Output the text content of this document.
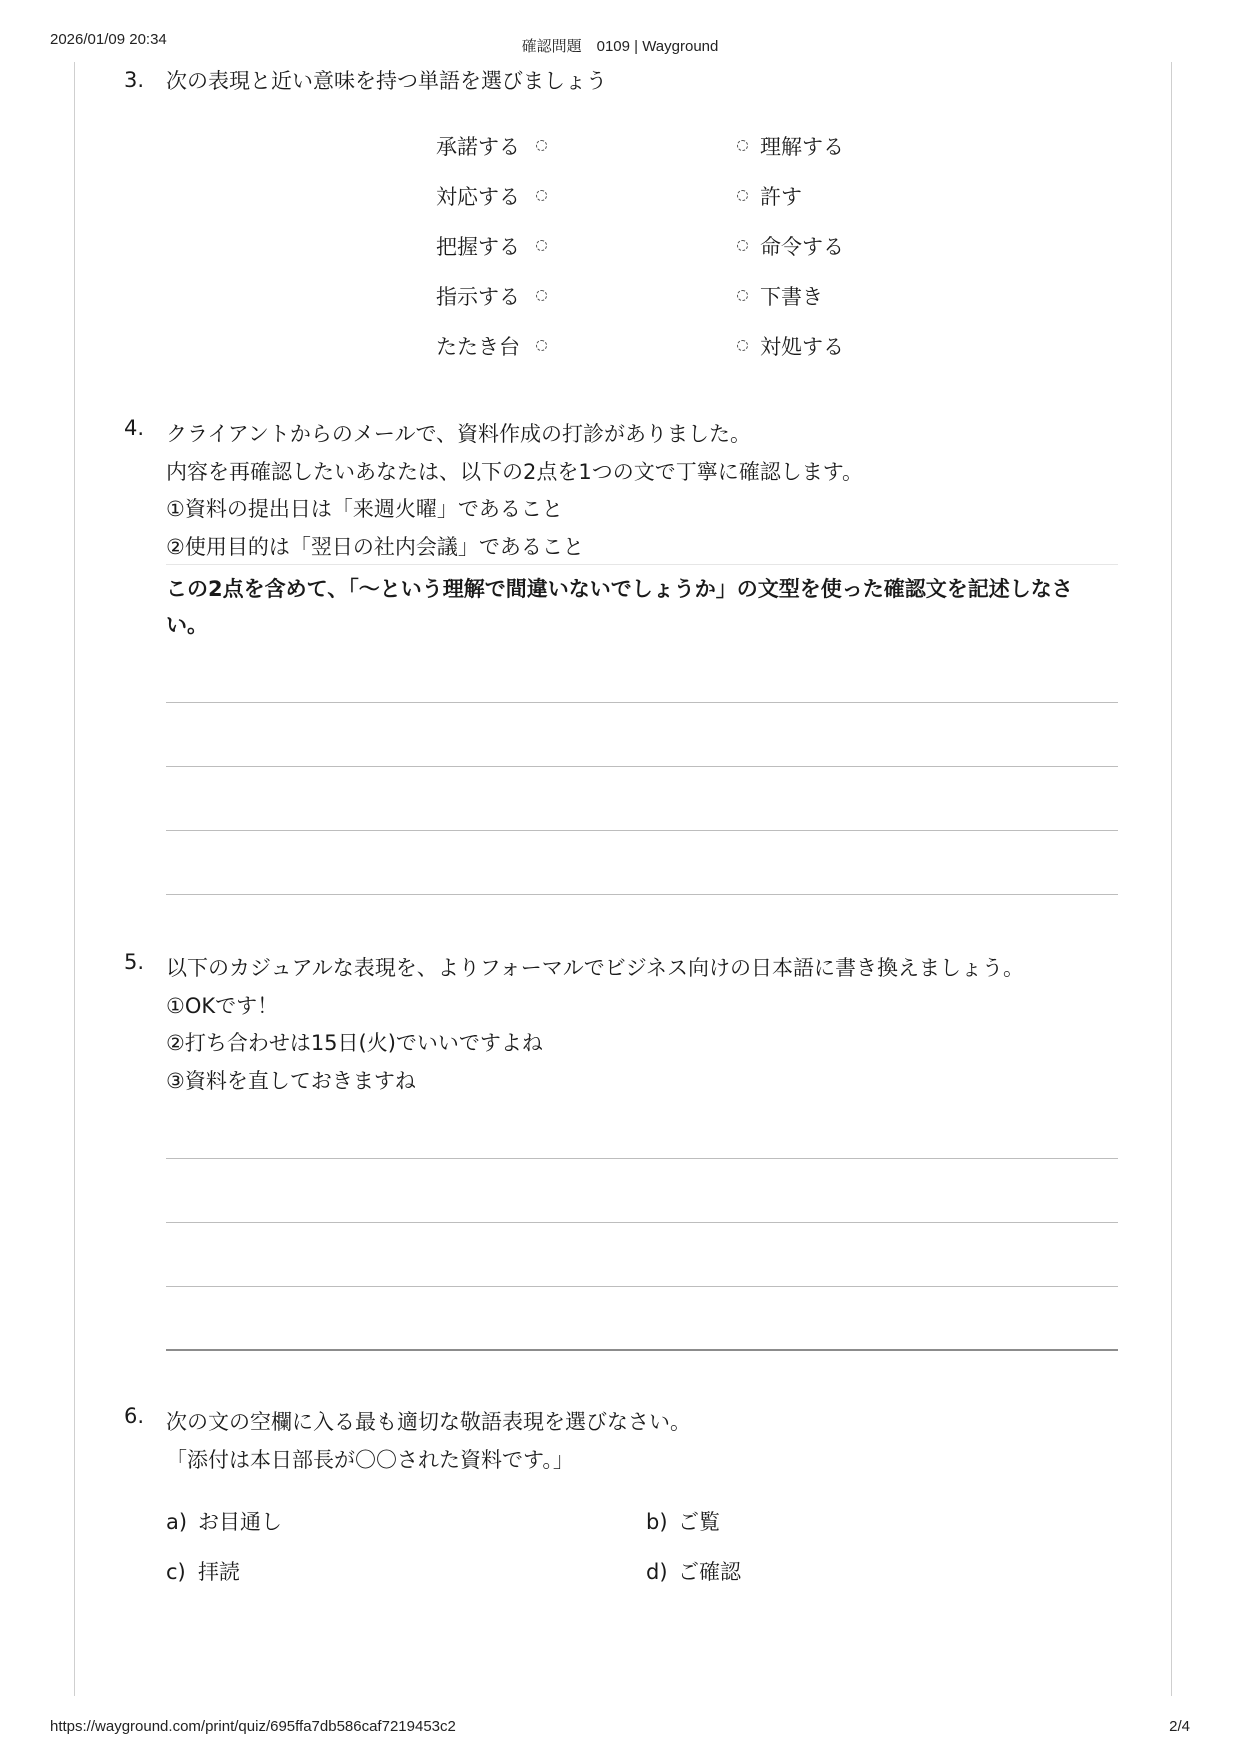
2026/01/09 20:34	確認問題　0109 | Wayground
3. 次の表現と近い意味を持つ単語を選びましょう
承諾する	理解する
対応する	許す
把握する	命令する
指示する	下書き
たたき台	対処する
4. クライアントからのメールで、資料作成の打診がありました。
内容を再確認したいあなたは、以下の2点を1つの文で丁寧に確認します。
①資料の提出日は「来週火曜」であること
②使用目的は「翌日の社内会議」であること
この2点を含めて、「〜という理解で間違いないでしょうか」の文型を使った確認文を記述しなさ
い。
5. 以下のカジュアルな表現を、よりフォーマルでビジネス向けの日本語に書き換えましょう。
①OKです！
②打ち合わせは15日(火)でいいですよね
③資料を直しておきますね
6. 次の文の空欄に入る最も適切な敬語表現を選びなさい。
「添付は本日部長が〇〇された資料です。」
a) お目通し	b) ご覧
c) 拝読	d) ご確認
https://wayground.com/print/quiz/695ffa7db586caf7219453c2	2/4
